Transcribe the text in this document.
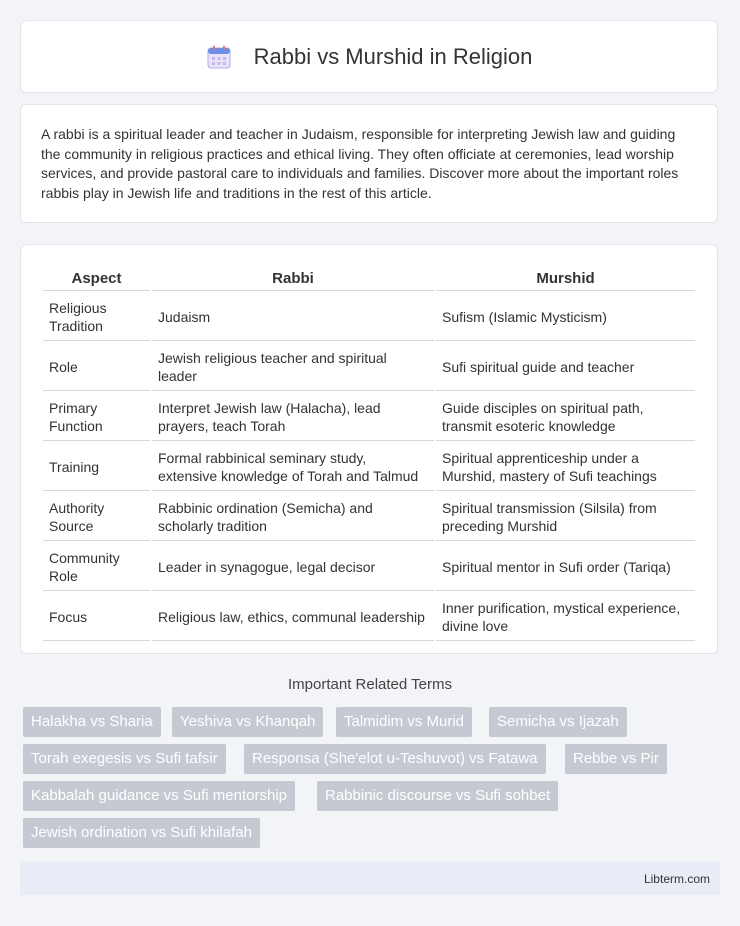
Rabbi vs Murshid in Religion

A rabbi is a spiritual leader and teacher in Judaism, responsible for interpreting Jewish law and guiding the community in religious practices and ethical living. They often officiate at ceremonies, lead worship services, and provide pastoral care to individuals and families. Discover more about the important roles rabbis play in Jewish life and traditions in the rest of this article.

Aspect	Rabbi	Murshid
Religious Tradition	Judaism	Sufism (Islamic Mysticism)
Role	Jewish religious teacher and spiritual leader	Sufi spiritual guide and teacher
Primary Function	Interpret Jewish law (Halacha), lead prayers, teach Torah	Guide disciples on spiritual path, transmit esoteric knowledge
Training	Formal rabbinical seminary study, extensive knowledge of Torah and Talmud	Spiritual apprenticeship under a Murshid, mastery of Sufi teachings
Authority Source	Rabbinic ordination (Semicha) and scholarly tradition	Spiritual transmission (Silsila) from preceding Murshid
Community Role	Leader in synagogue, legal decisor	Spiritual mentor in Sufi order (Tariqa)
Focus	Religious law, ethics, communal leadership	Inner purification, mystical experience, divine love
Important Related Terms
Halakha vs Sharia	Yeshiva vs Khanqah	Talmidim vs Murid	Semicha vs Ijazah
Torah exegesis vs Sufi tafsir	Responsa (She'elot u-Teshuvot) vs Fatawa	Rebbe vs Pir
Kabbalah guidance vs Sufi mentorship	Rabbinic discourse vs Sufi sohbet
Jewish ordination vs Sufi khilafah
Libterm.com
